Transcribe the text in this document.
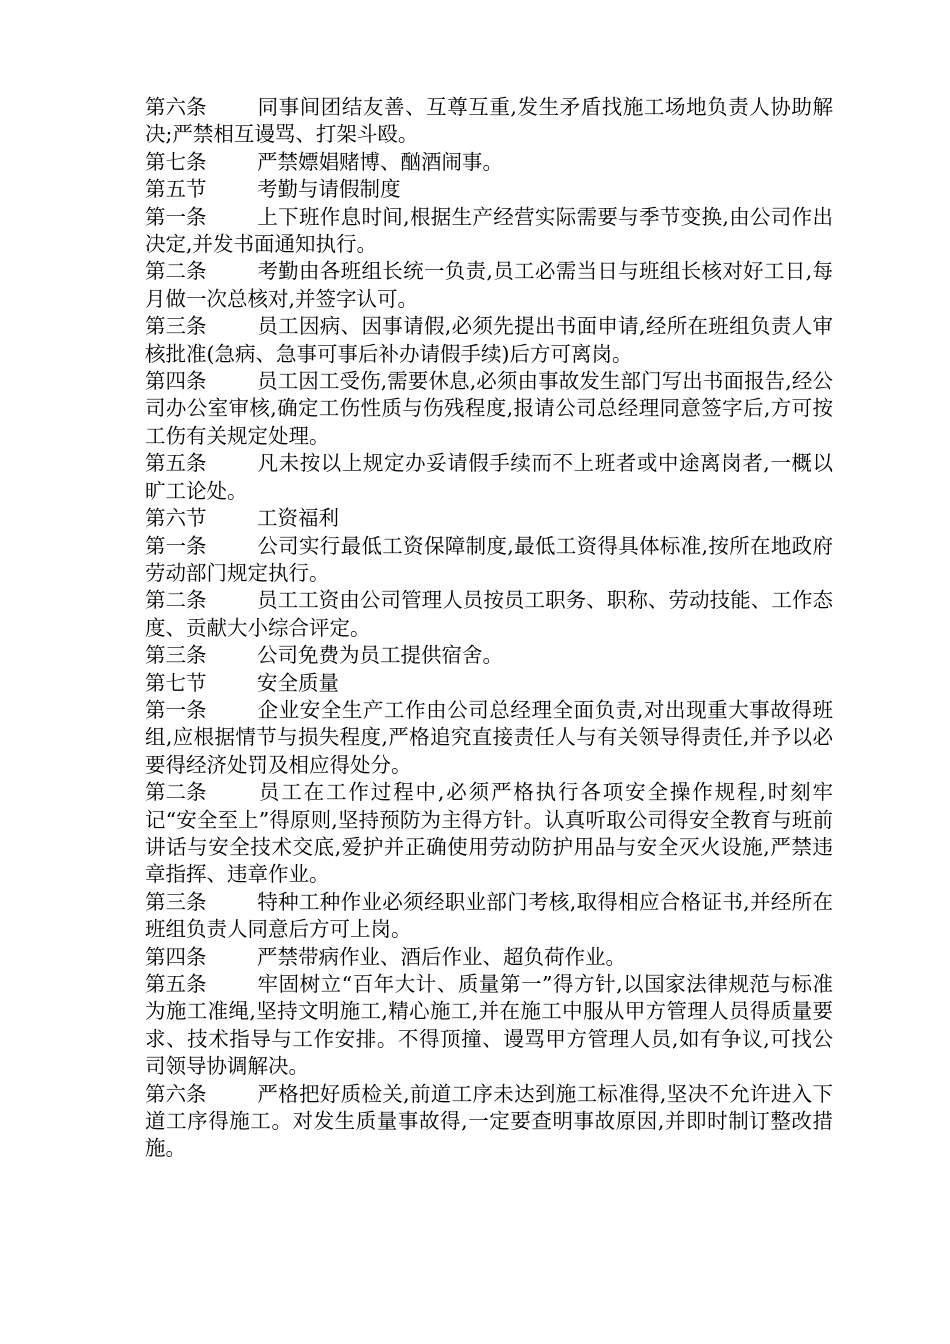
第六条 同事间团结友善、互尊互重,发生矛盾找施工场地负责人协助解决;严禁相互谩骂、打架斗殴。

第七条 严禁嫖娼赌博、酗酒闹事。

第五节 考勤与请假制度

第一条 上下班作息时间,根据生产经营实际需要与季节变换,由公司作出决定,并发书面通知执行。

第二条 考勤由各班组长统一负责,员工必需当日与班组长核对好工日,每月做一次总核对,并签字认可。

第三条 员工因病、因事请假,必须先提出书面申请,经所在班组负责人审核批准(急病、急事可事后补办请假手续)后方可离岗。

第四条 员工因工受伤,需要休息,必须由事故发生部门写出书面报告,经公司办公室审核,确定工伤性质与伤残程度,报请公司总经理同意签字后,方可按工伤有关规定处理。

第五条 凡未按以上规定办妥请假手续而不上班者或中途离岗者,一概以旷工论处。

第六节 工资福利

第一条 公司实行最低工资保障制度,最低工资得具体标准,按所在地政府劳动部门规定执行。

第二条 员工工资由公司管理人员按员工职务、职称、劳动技能、工作态度、贡献大小综合评定。

第三条 公司免费为员工提供宿舍。

第七节 安全质量

第一条 企业安全生产工作由公司总经理全面负责,对出现重大事故得班组,应根据情节与损失程度,严格追究直接责任人与有关领导得责任,并予以必要得经济处罚及相应得处分。

第二条 员工在工作过程中,必须严格执行各项安全操作规程,时刻牢记“安全至上”得原则,坚持预防为主得方针。认真听取公司得安全教育与班前讲话与安全技术交底,爱护并正确使用劳动防护用品与安全灭火设施,严禁违章指挥、违章作业。

第三条 特种工种作业必须经职业部门考核,取得相应合格证书,并经所在班组负责人同意后方可上岗。

第四条 严禁带病作业、酒后作业、超负荷作业。

第五条 牢固树立“百年大计、质量第一”得方针,以国家法律规范与标准为施工准绳,坚持文明施工,精心施工,并在施工中服从甲方管理人员得质量要求、技术指导与工作安排。不得顶撞、谩骂甲方管理人员,如有争议,可找公司领导协调解决。

第六条 严格把好质检关,前道工序未达到施工标准得,坚决不允许进入下道工序得施工。对发生质量事故得,一定要查明事故原因,并即时制订整改措施。
